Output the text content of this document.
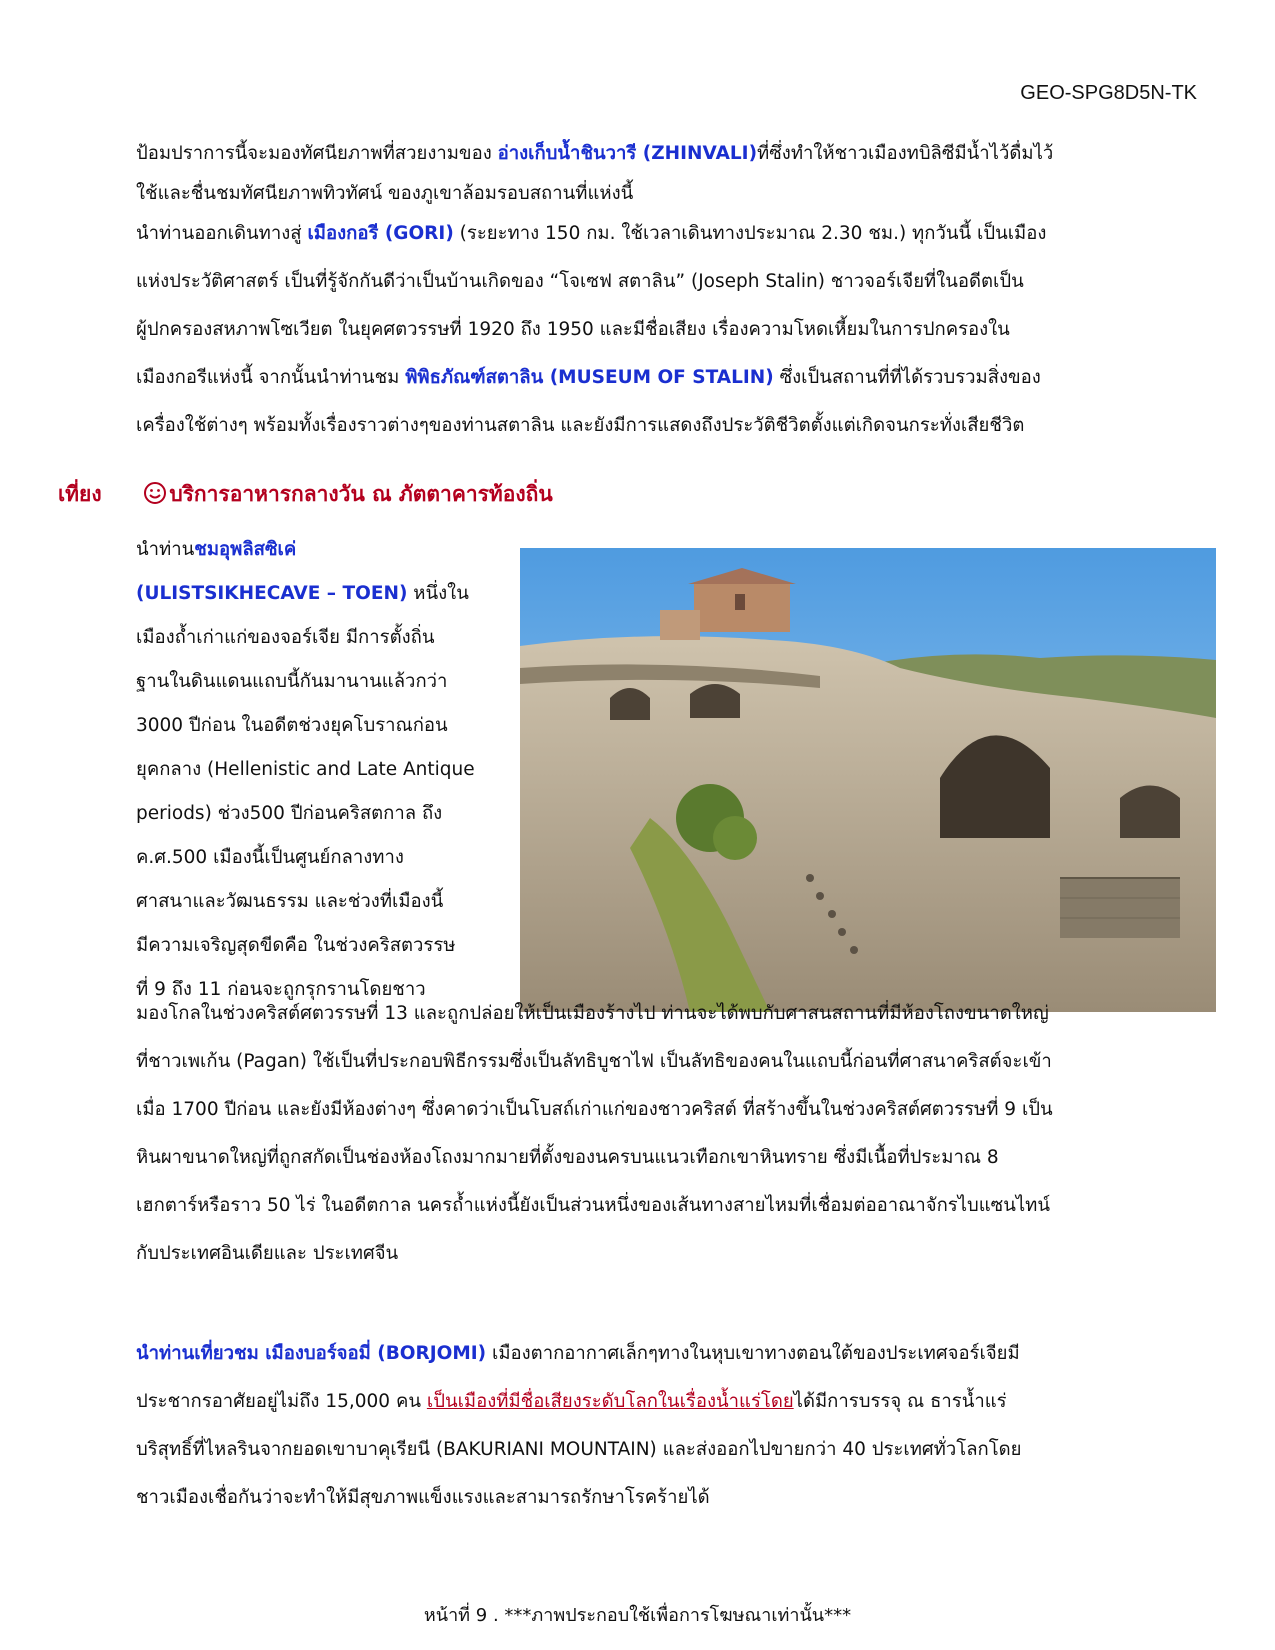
GEO-SPG8D5N-TK
ป้อมปราการนี้จะมองทัศนียภาพที่สวยงามของ อ่างเก็บน้ำชินวารี (ZHINVALI)ที่ซึ่งทำให้ชาวเมืองทบิลิซีมีน้ำไว้ดื่มไว้
ใช้และชื่นชมทัศนียภาพทิวทัศน์ ของภูเขาล้อมรอบสถานที่แห่งนี้
นำท่านออกเดินทางสู่ เมืองกอรี (GORI) (ระยะทาง 150 กม. ใช้เวลาเดินทางประมาณ 2.30 ชม.) ทุกวันนี้ เป็นเมือง
แห่งประวัติศาสตร์ เป็นที่รู้จักกันดีว่าเป็นบ้านเกิดของ “โจเซฟ สตาลิน” (Joseph Stalin) ชาวจอร์เจียที่ในอดีตเป็น
ผู้ปกครองสหภาพโซเวียต ในยุคศตวรรษที่ 1920 ถึง 1950 และมีชื่อเสียง เรื่องความโหดเหี้ยมในการปกครองใน
เมืองกอรีแห่งนี้ จากนั้นนำท่านชม พิพิธภัณฑ์สตาลิน (MUSEUM OF STALIN) ซึ่งเป็นสถานที่ที่ได้รวบรวมสิ่งของ
เครื่องใช้ต่างๆ พร้อมทั้งเรื่องราวต่างๆของท่านสตาลิน และยังมีการแสดงถึงประวัติชีวิตตั้งแต่เกิดจนกระทั่งเสียชีวิต
เที่ยง	บริการอาหารกลางวัน ณ ภัตตาคารท้องถิ่น
นำท่านชมอุพลิสซิเค่
(ULISTSIKHECAVE – TOEN) หนึ่งใน
เมืองถ้ำเก่าแก่ของจอร์เจีย มีการตั้งถิ่น
ฐานในดินแดนแถบนี้กันมานานแล้วกว่า
3000 ปีก่อน ในอดีตช่วงยุคโบราณก่อน
ยุคกลาง (Hellenistic and Late Antique
periods) ช่วง500 ปีก่อนคริสตกาล ถึง
ค.ศ.500 เมืองนี้เป็นศูนย์กลางทาง
ศาสนาและวัฒนธรรม และช่วงที่เมืองนี้
มีความเจริญสุดขีดคือ ในช่วงคริสตวรรษ
ที่ 9 ถึง 11 ก่อนจะถูกรุกรานโดยชาว
มองโกลในช่วงคริสต์ศตวรรษที่ 13 และถูกปล่อยให้เป็นเมืองร้างไป ท่านจะได้พบกับศาสนสถานที่มีห้องโถงขนาดใหญ่
ที่ชาวเพเก้น (Pagan) ใช้เป็นที่ประกอบพิธีกรรมซึ่งเป็นลัทธิบูชาไฟ เป็นลัทธิของคนในแถบนี้ก่อนที่ศาสนาคริสต์จะเข้า
เมื่อ 1700 ปีก่อน และยังมีห้องต่างๆ ซึ่งคาดว่าเป็นโบสถ์เก่าแก่ของชาวคริสต์ ที่สร้างขึ้นในช่วงคริสต์ศตวรรษที่ 9 เป็น
หินผาขนาดใหญ่ที่ถูกสกัดเป็นช่องห้องโถงมากมายที่ตั้งของนครบนแนวเทือกเขาหินทราย ซึ่งมีเนื้อที่ประมาณ 8
เฮกตาร์หรือราว 50 ไร่ ในอดีตกาล นครถ้ำแห่งนี้ยังเป็นส่วนหนึ่งของเส้นทางสายไหมที่เชื่อมต่ออาณาจักรไบแซนไทน์
กับประเทศอินเดียและ ประเทศจีน
นำท่านเที่ยวชม เมืองบอร์จอมี่ (BORJOMI) เมืองตากอากาศเล็กๆทางในหุบเขาทางตอนใต้ของประเทศจอร์เจียมี
ประชากรอาศัยอยู่ไม่ถึง 15,000 คน เป็นเมืองที่มีชื่อเสียงระดับโลกในเรื่องน้ำแร่โดยได้มีการบรรจุ ณ ธารน้ำแร่
บริสุทธิ์ที่ไหลรินจากยอดเขาบาคุเรียนี (BAKURIANI MOUNTAIN) และส่งออกไปขายกว่า 40 ประเทศทั่วโลกโดย
ชาวเมืองเชื่อกันว่าจะทำให้มีสุขภาพแข็งแรงและสามารถรักษาโรคร้ายได้
หน้าที่ 9 . ***ภาพประกอบใช้เพื่อการโฆษณาเท่านั้น***
